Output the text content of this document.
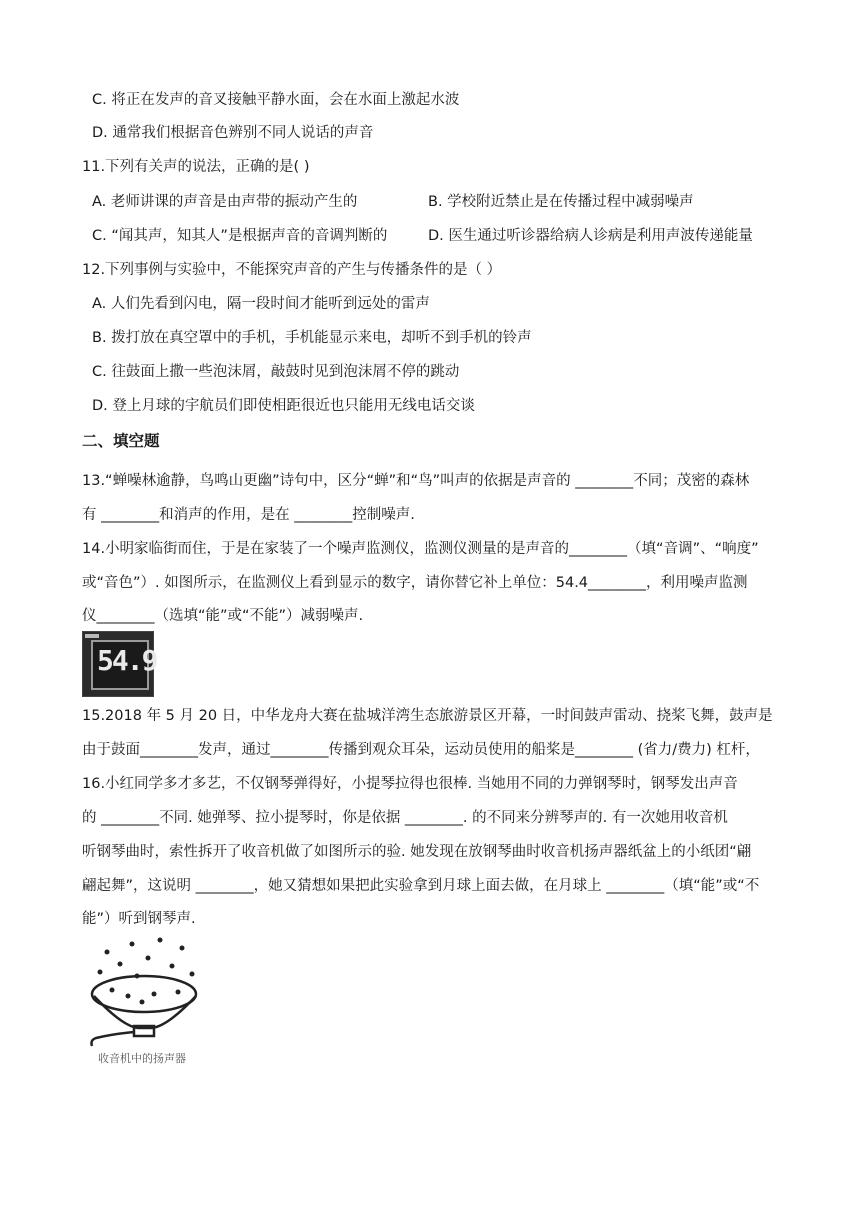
C. 将正在发声的音叉接触平静水面，会在水面上激起水波
D. 通常我们根据音色辨别不同人说话的声音
11.下列有关声的说法，正确的是( )
A. 老师讲课的声音是由声带的振动产生的	B. 学校附近禁止是在传播过程中减弱噪声
C. “闻其声，知其人”是根据声音的音调判断的	D. 医生通过听诊器给病人诊病是利用声波传递能量
12.下列事例与实验中，不能探究声音的产生与传播条件的是（ ）
A. 人们先看到闪电，隔一段时间才能听到远处的雷声
B. 拨打放在真空罩中的手机，手机能显示来电，却听不到手机的铃声
C. 往鼓面上撒一些泡沫屑，敲鼓时见到泡沫屑不停的跳动
D. 登上月球的宇航员们即使相距很近也只能用无线电话交谈
二、填空题
13.“蝉噪林逾静，鸟鸣山更幽”诗句中，区分“蝉”和“鸟”叫声的依据是声音的 ________不同；茂密的森林
有 ________和消声的作用，是在 ________控制噪声.
14.小明家临街而住，于是在家装了一个噪声监测仪，监测仪测量的是声音的________（填“音调”、“响度”
或“音色”）. 如图所示，在监测仪上看到显示的数字，请你替它补上单位：54.4________，利用噪声监测
仪________（选填“能”或“不能”）减弱噪声.
54.9
15.2018 年 5 月 20 日，中华龙舟大赛在盐城洋湾生态旅游景区开幕，一时间鼓声雷动、挠桨飞舞，鼓声是
由于鼓面________发声，通过________传播到观众耳朵，运动员使用的船桨是________ (省力/费力) 杠杆，
16.小红同学多才多艺，不仅钢琴弹得好，小提琴拉得也很棒. 当她用不同的力弹钢琴时，钢琴发出声音
的 ________不同. 她弹琴、拉小提琴时，你是依据 ________. 的不同来分辨琴声的. 有一次她用收音机
听钢琴曲时，索性拆开了收音机做了如图所示的验. 她发现在放钢琴曲时收音机扬声器纸盆上的小纸团“翩
翩起舞”，这说明 ________，她又猜想如果把此实验拿到月球上面去做，在月球上 ________（填“能”或“不
能”）听到钢琴声.
收音机中的扬声器
